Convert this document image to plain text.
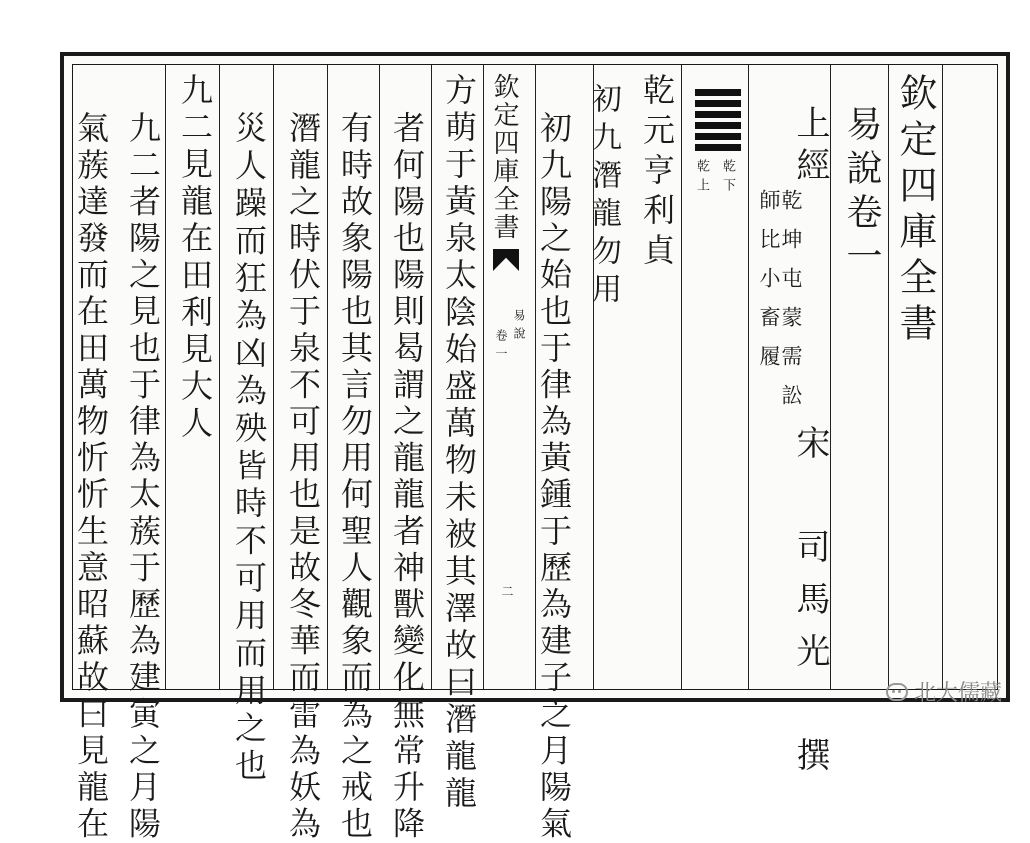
欽定四庫全書
易說卷一
上經
乾坤屯蒙需訟
師比小畜履
宋　司馬光　撰
乾下
乾上
乾元亨利貞
初九潛龍勿用
初九陽之始也于律為黃鍾于歷為建子之月陽氣
欽定四庫全書
易說
卷一
二
方萌于黃泉太陰始盛萬物未被其澤故曰潛龍龍
者何陽也陽則曷謂之龍龍者神獸變化無常升降
有時故象陽也其言勿用何聖人觀象而為之戒也
潛龍之時伏于泉不可用也是故冬華而雷為妖為
災人躁而狂為凶為殃皆時不可用而用之也
九二見龍在田利見大人
九二者陽之見也于律為太蔟于歷為建寅之月陽
氣蔟達發而在田萬物忻忻生意昭蘇故曰見龍在	北大儒藏
